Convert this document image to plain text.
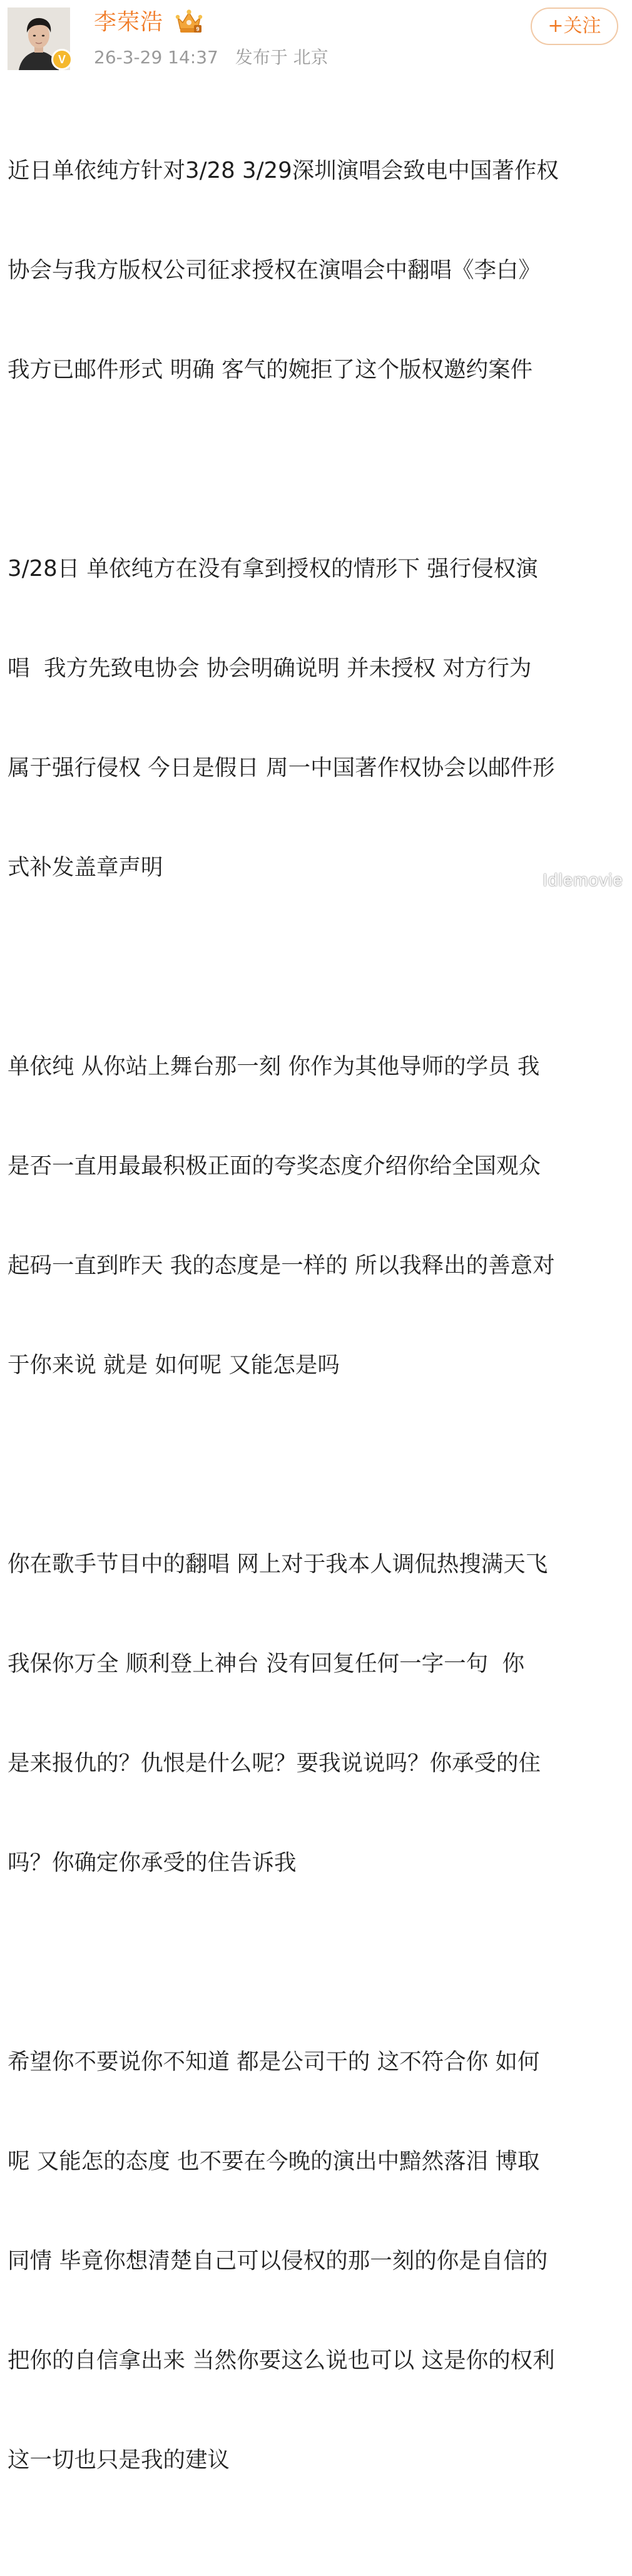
V
李荣浩	9
26-3-29 14:37 发布于 北京
+关注

近日单依纯方针对3/28 3/29深圳演唱会致电中国著作权

协会与我方版权公司征求授权在演唱会中翻唱《李白》

我方已邮件形式 明确 客气的婉拒了这个版权邀约案件

3/28日 单依纯方在没有拿到授权的情形下 强行侵权演

唱  我方先致电协会 协会明确说明 并未授权 对方行为

属于强行侵权 今日是假日 周一中国著作权协会以邮件形

式补发盖章声明

单依纯 从你站上舞台那一刻 你作为其他导师的学员 我

是否一直用最最积极正面的夸奖态度介绍你给全国观众

起码一直到昨天 我的态度是一样的 所以我释出的善意对

于你来说 就是 如何呢 又能怎是吗

你在歌手节目中的翻唱 网上对于我本人调侃热搜满天飞

我保你万全 顺利登上神台 没有回复任何一字一句  你

是来报仇的？仇恨是什么呢？要我说说吗？你承受的住

吗？你确定你承受的住告诉我

希望你不要说你不知道 都是公司干的 这不符合你 如何

呢 又能怎的态度 也不要在今晚的演出中黯然落泪 博取

同情 毕竟你想清楚自己可以侵权的那一刻的你是自信的

把你的自信拿出来 当然你要这么说也可以 这是你的权利

这一切也只是我的建议

Idlemovie
